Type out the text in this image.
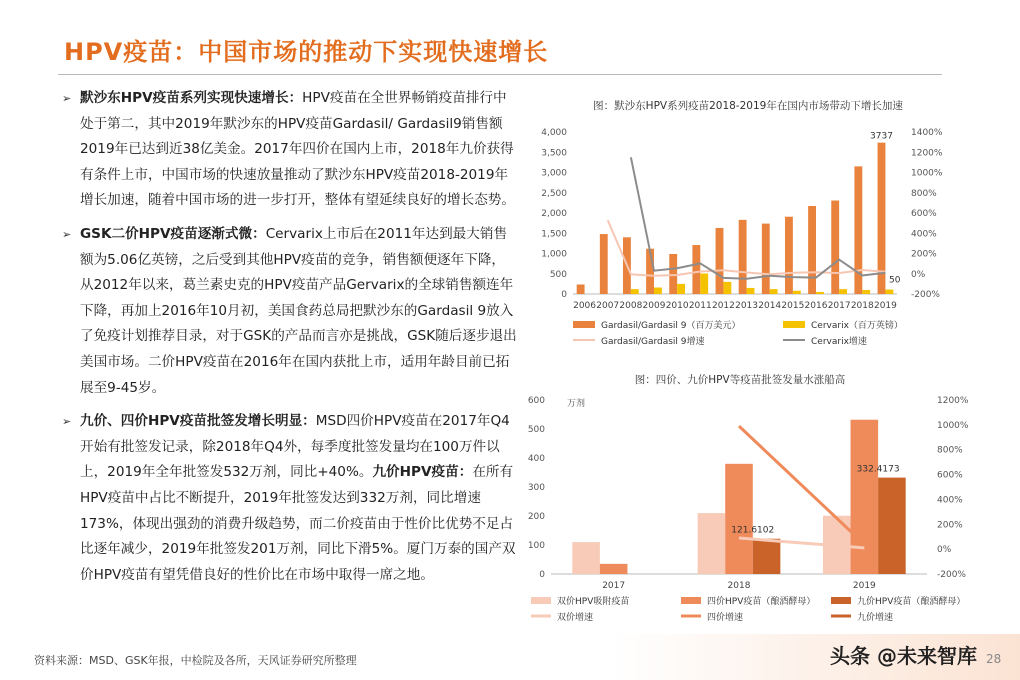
HPV疫苗：中国市场的推动下实现快速增长
➢ 默沙东HPV疫苗系列实现快速增长：HPV疫苗在全世界畅销疫苗排行中处于第二，其中2019年默沙东的HPV疫苗Gardasil/ Gardasil9销售额2019年已达到近38亿美金。2017年四价在国内上市，2018年九价获得有条件上市，中国市场的快速放量推动了默沙东HPV疫苗2018-2019年增长加速，随着中国市场的进一步打开，整体有望延续良好的增长态势。
➢ GSK二价HPV疫苗逐渐式微：Cervarix上市后在2011年达到最大销售额为5.06亿英镑，之后受到其他HPV疫苗的竞争，销售额便逐年下降，从2012年以来，葛兰素史克的HPV疫苗产品Gervarix的全球销售额连年下降，再加上2016年10月初，美国食药总局把默沙东的Gardasil 9放入了免疫计划推荐目录，对于GSK的产品而言亦是挑战，GSK随后逐步退出美国市场。二价HPV疫苗在2016年在国内获批上市，适用年龄目前已拓展至9-45岁。
➢ 九价、四价HPV疫苗批签发增长明显：MSD四价HPV疫苗在2017年Q4开始有批签发记录，除2018年Q4外，每季度批签发量均在100万件以上，2019年全年批签发532万剂，同比+40%。九价HPV疫苗：在所有HPV疫苗中占比不断提升，2019年批签发达到332万剂，同比增速173%，体现出强劲的消费升级趋势，而二价疫苗由于性价比优势不足占比逐年减少，2019年批签发201万剂，同比下滑5%。厦门万泰的国产双价HPV疫苗有望凭借良好的性价比在市场中取得一席之地。
图：默沙东HPV系列疫苗2018-2019年在国内市场带动下增长加速
0
500
1,000
1,500
2,000
2,500
3,000
3,500
4,000
-200%
0%
200%
400%
600%
800%
1000%
1200%
1400%
2006 2007 2008 2009 2010 2011 2012 2013 2014 2015 2016 2017 2018 2019
3737
50
Gardasil/Gardasil 9（百万美元）	Cervarix（百万英镑）
Gardasil/Gardasil 9增速	Cervarix增速
图：四价、九价HPV等疫苗批签发量水涨船高
0
100
200
300
400
500
600
-200%
0%
200%
400%
600%
800%
1000%
1200%
万剂
2017	2018	2019
121.6102
332.4173
双价HPV吸附疫苗	四价HPV疫苗（酿酒酵母）	九价HPV疫苗（酿酒酵母）
双价增速	四价增速	九价增速
资料来源：MSD、GSK年报，中检院及各所，天风证券研究所整理	头条 @未来智库 28
